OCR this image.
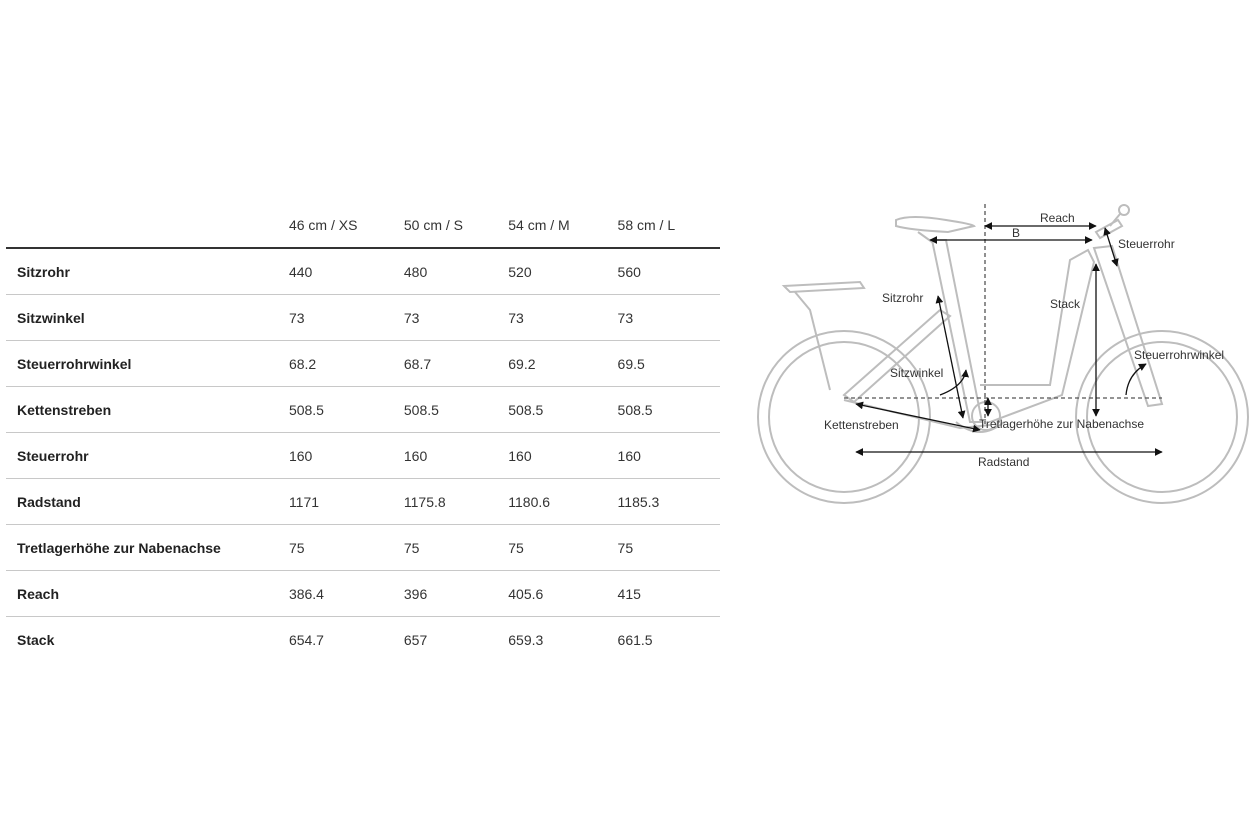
	46 cm / XS	50 cm / S	54 cm / M	58 cm / L
Sitzrohr	440	480	520	560
Sitzwinkel	73	73	73	73
Steuerrohrwinkel	68.2	68.7	69.2	69.5
Kettenstreben	508.5	508.5	508.5	508.5
Steuerrohr	160	160	160	160
Radstand	1171	1175.8	1180.6	1185.3
Tretlagerhöhe zur Nabenachse	75	75	75	75
Reach	386.4	396	405.6	415
Stack	654.7	657	659.3	661.5
Reach
B
Steuerrohr
Sitzrohr	Stack
Steuerrohrwinkel
Sitzwinkel
Kettenstreben	Tretlagerhöhe zur Nabenachse
Radstand
